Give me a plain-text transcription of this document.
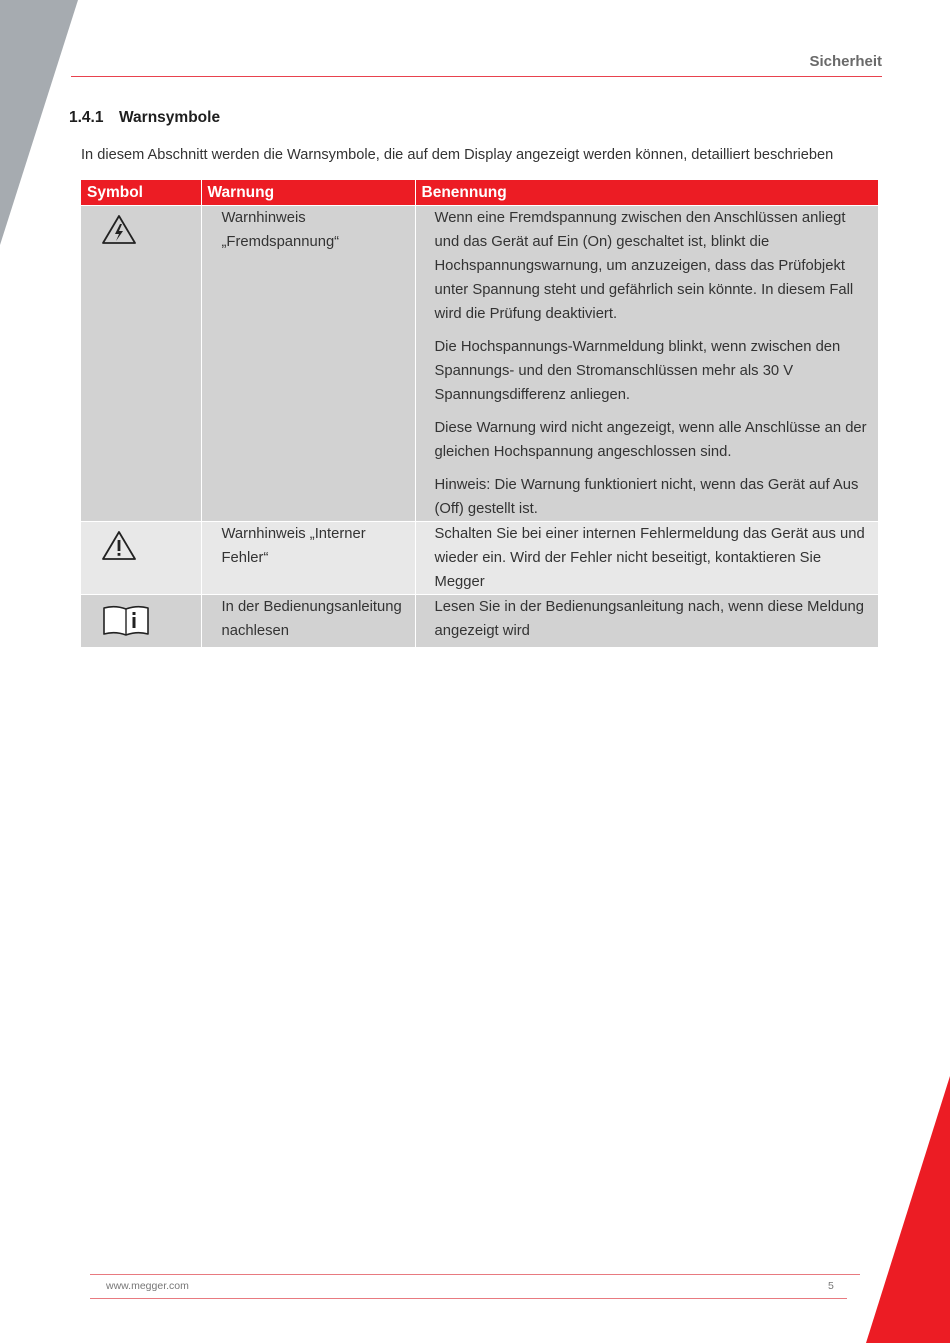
Sicherheit
1.4.1 Warnsymbole
In diesem Abschnitt werden die Warnsymbole, die auf dem Display angezeigt werden können, detailliert beschrieben
Symbol	Warnung	Benennung
	Warnhinweis „Fremdspannung“	Wenn eine Fremdspannung zwischen den Anschlüssen anliegt und das Gerät auf Ein (On) geschaltet ist, blinkt die Hochspannungswarnung, um anzuzeigen, dass das Prüfobjekt unter Spannung steht und gefährlich sein könnte. In diesem Fall wird die Prüfung deaktiviert.

Die Hochspannungs-Warnmeldung blinkt, wenn zwischen den Spannungs- und den Stromanschlüssen mehr als 30 V Spannungsdifferenz anliegen.

Diese Warnung wird nicht angezeigt, wenn alle Anschlüsse an der gleichen Hochspannung angeschlossen sind.

Hinweis: Die Warnung funktioniert nicht, wenn das Gerät auf Aus (Off) gestellt ist.

	Warnhinweis „Interner Fehler“	Schalten Sie bei einer internen Fehlermeldung das Gerät aus und wieder ein. Wird der Fehler nicht beseitigt, kontaktieren Sie Megger

	In der Bedienungsanleitung nachlesen	Lesen Sie in der Bedienungsanleitung nach, wenn diese Meldung angezeigt wird

www.megger.com	5
